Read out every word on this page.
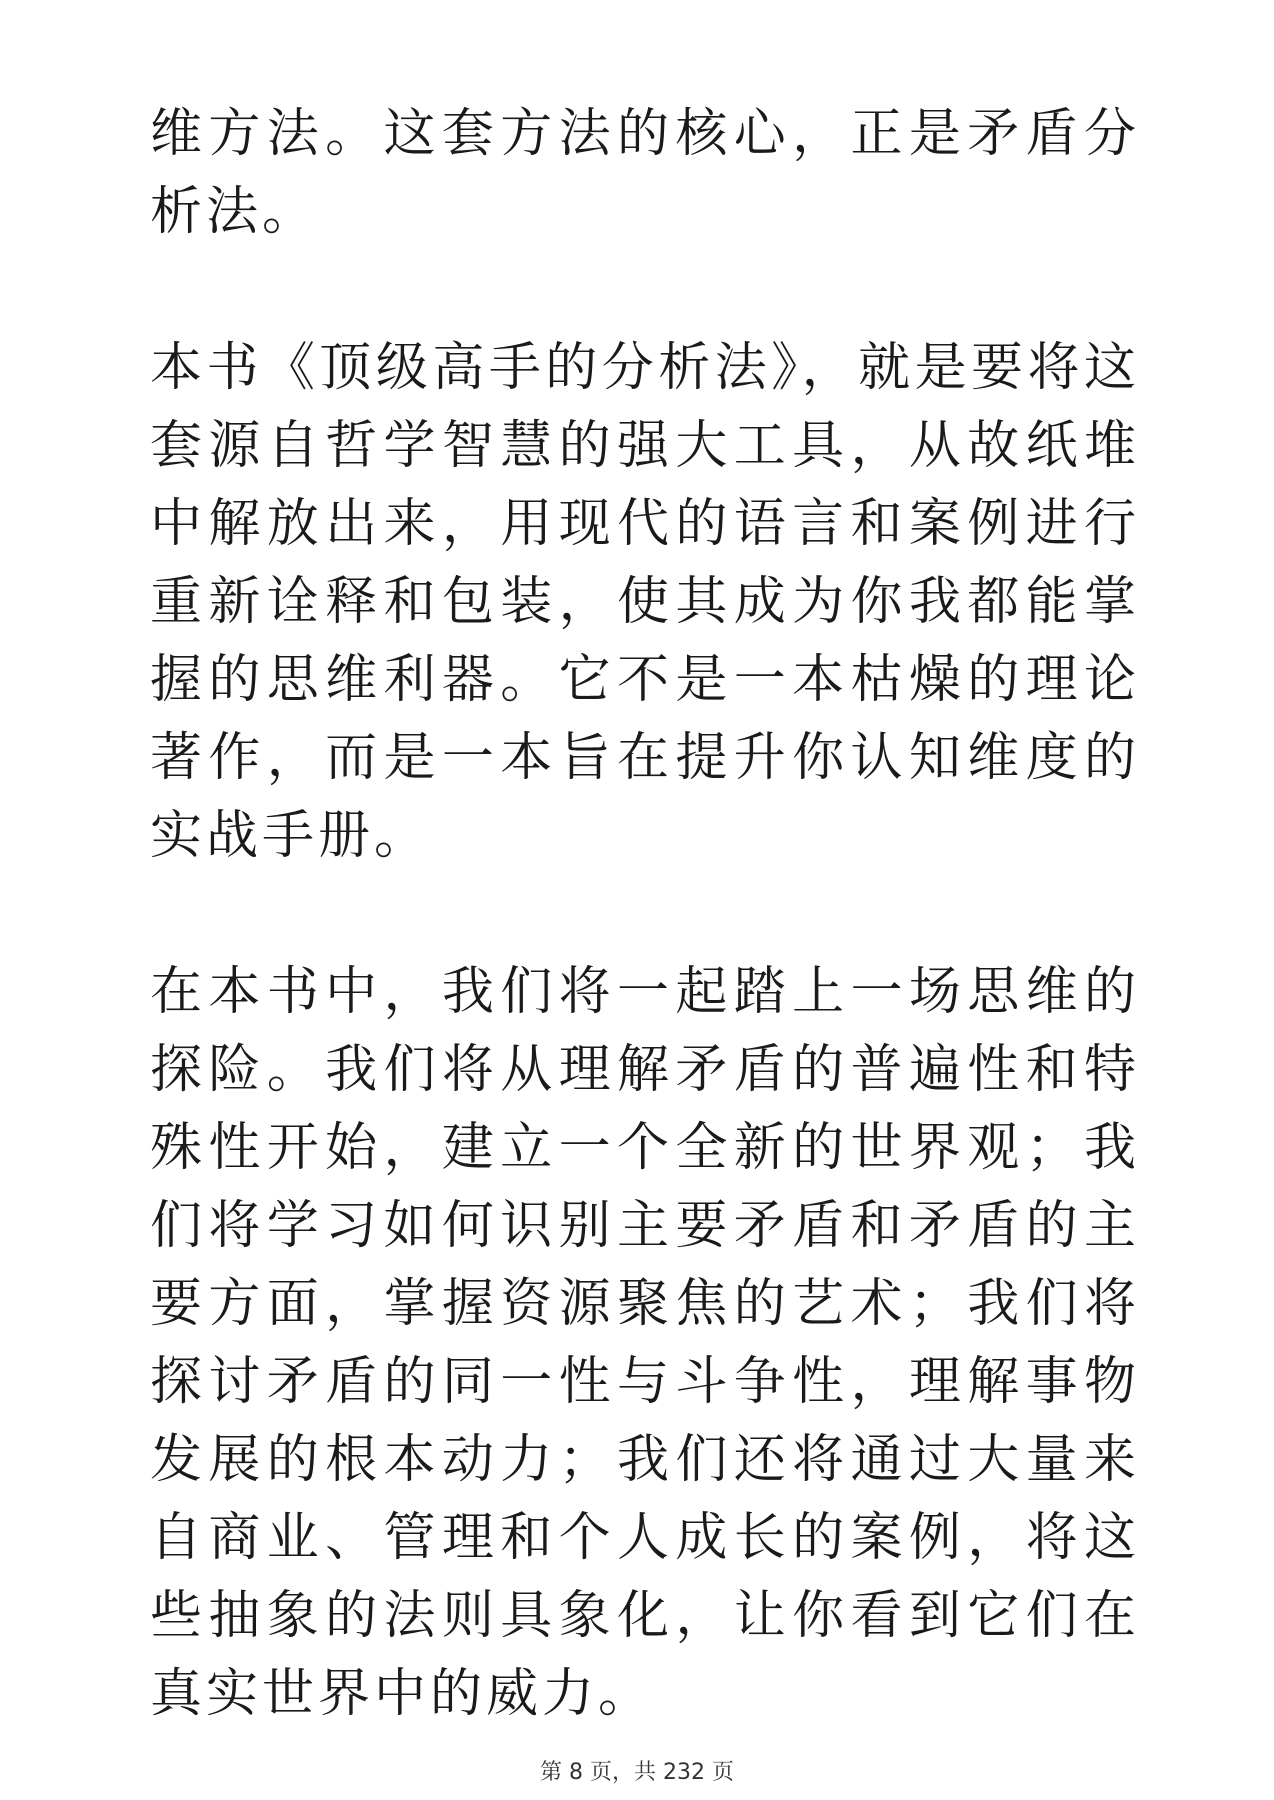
维方法。这套方法的核心，正是矛盾分析法。

本书《顶级高手的分析法》，就是要将这套源自哲学智慧的强大工具，从故纸堆中解放出来，用现代的语言和案例进行重新诠释和包装，使其成为你我都能掌握的思维利器。它不是一本枯燥的理论著作，而是一本旨在提升你认知维度的实战手册。

在本书中，我们将一起踏上一场思维的探险。我们将从理解矛盾的普遍性和特殊性开始，建立一个全新的世界观；我们将学习如何识别主要矛盾和矛盾的主要方面，掌握资源聚焦的艺术；我们将探讨矛盾的同一性与斗争性，理解事物发展的根本动力；我们还将通过大量来自商业、管理和个人成长的案例，将这些抽象的法则具象化，让你看到它们在真实世界中的威力。

第 8 页，共 232 页
